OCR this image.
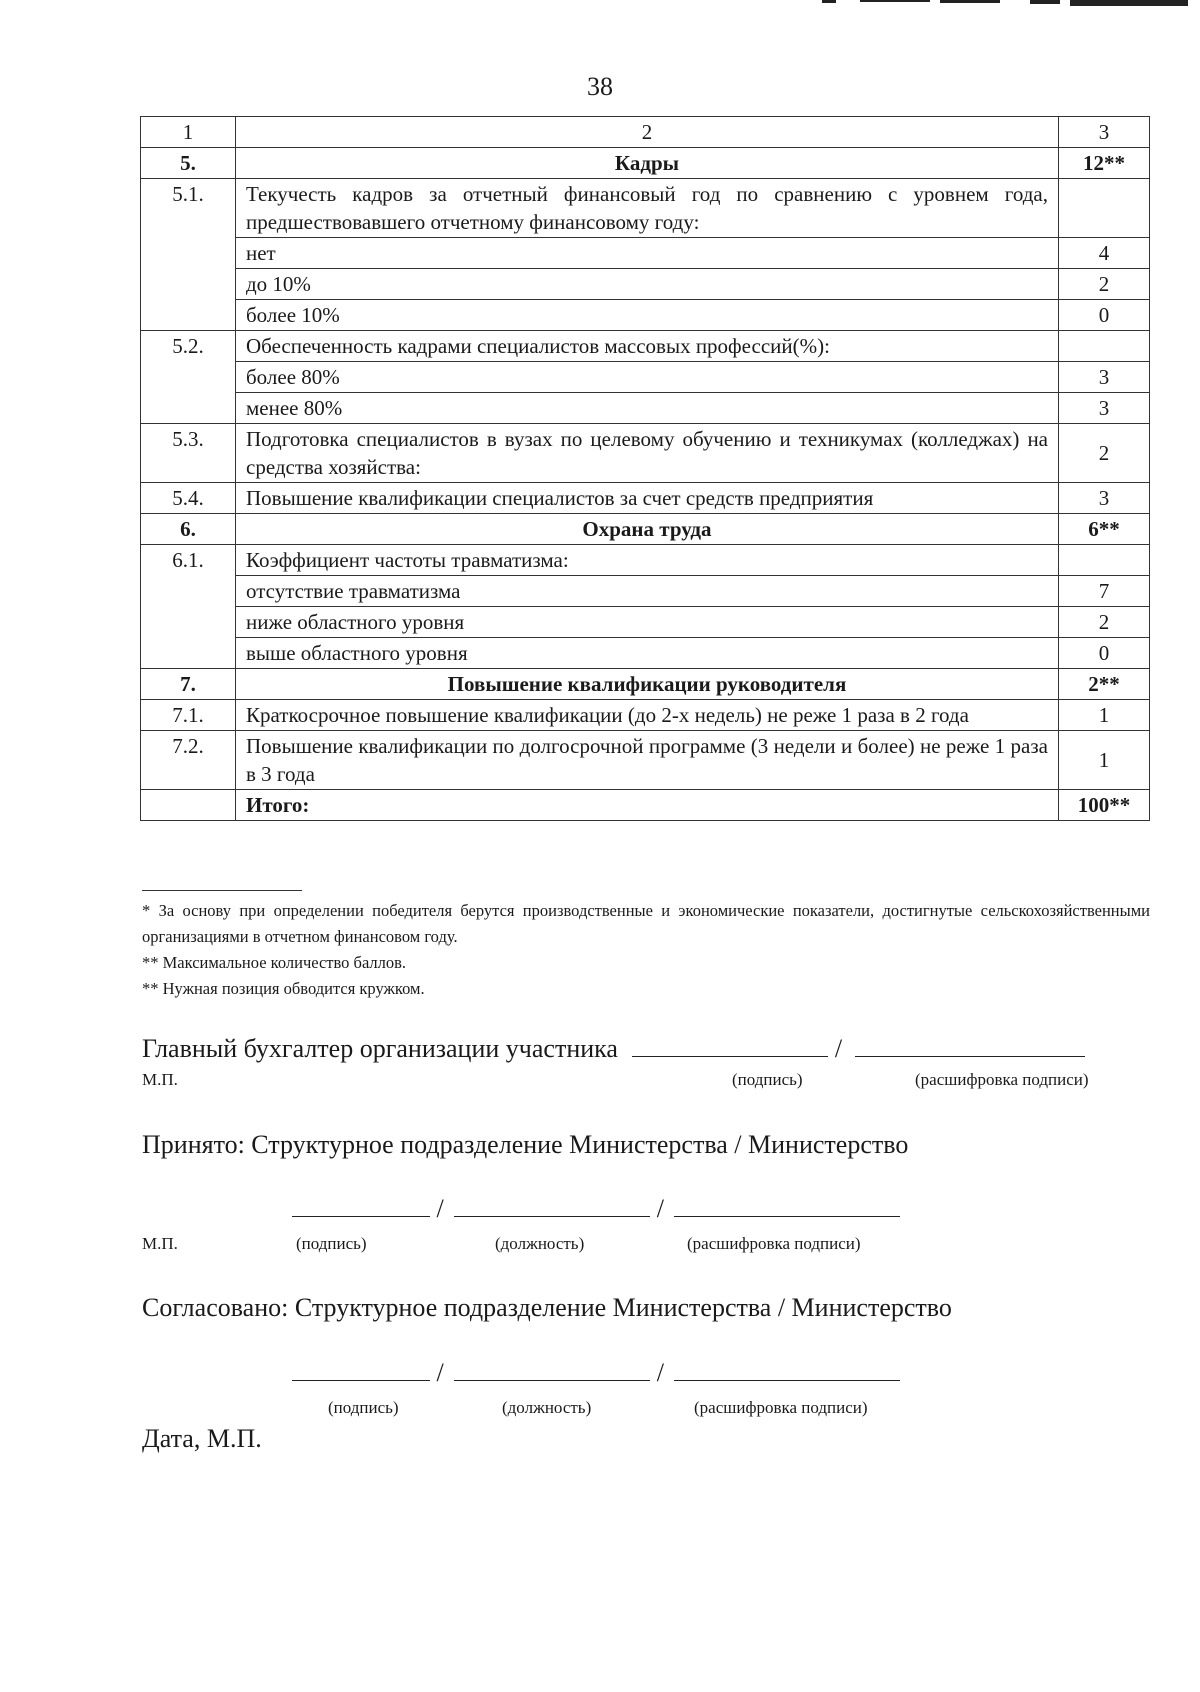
38
1	2	3
5.	Кадры	12**
5.1.	Текучесть кадров за отчетный финансовый год по сравнению с уровнем года, предшествовавшего отчетному финансовому году:	
	нет	4
	до 10%	2
	более 10%	0
5.2.	Обеспеченность кадрами специалистов массовых профессий(%):	
	более 80%	3
	менее 80%	3
5.3.	Подготовка специалистов в вузах по целевому обучению и техникумах (колледжах) на средства хозяйства:	2
5.4.	Повышение квалификации специалистов за счет средств предприятия	3
6.	Охрана труда	6**
6.1.	Коэффициент частоты травматизма:	
	отсутствие травматизма	7
	ниже областного уровня	2
	выше областного уровня	0
7.	Повышение квалификации руководителя	2**
7.1.	Краткосрочное повышение квалификации (до 2-х недель) не реже 1 раза в 2 года	1
7.2.	Повышение квалификации по долгосрочной программе (3 недели и более) не реже 1 раза в 3 года	1
	Итого:	100**

* За основу при определении победителя берутся производственные и экономические показатели, достигнутые сельскохозяйственными организациями в отчетном финансовом году.

** Максимальное количество баллов.

** Нужная позиция обводится кружком.

Главный бухгалтер организации участника	/
М.П.	(подпись)	(расшифровка подписи)
Принято: Структурное подразделение Министерства / Министерство
/	/
М.П.	(подпись)	(должность)	(расшифровка подписи)
Согласовано: Структурное подразделение Министерства / Министерство
/	/
(подпись)	(должность)	(расшифровка подписи)
Дата, М.П.
